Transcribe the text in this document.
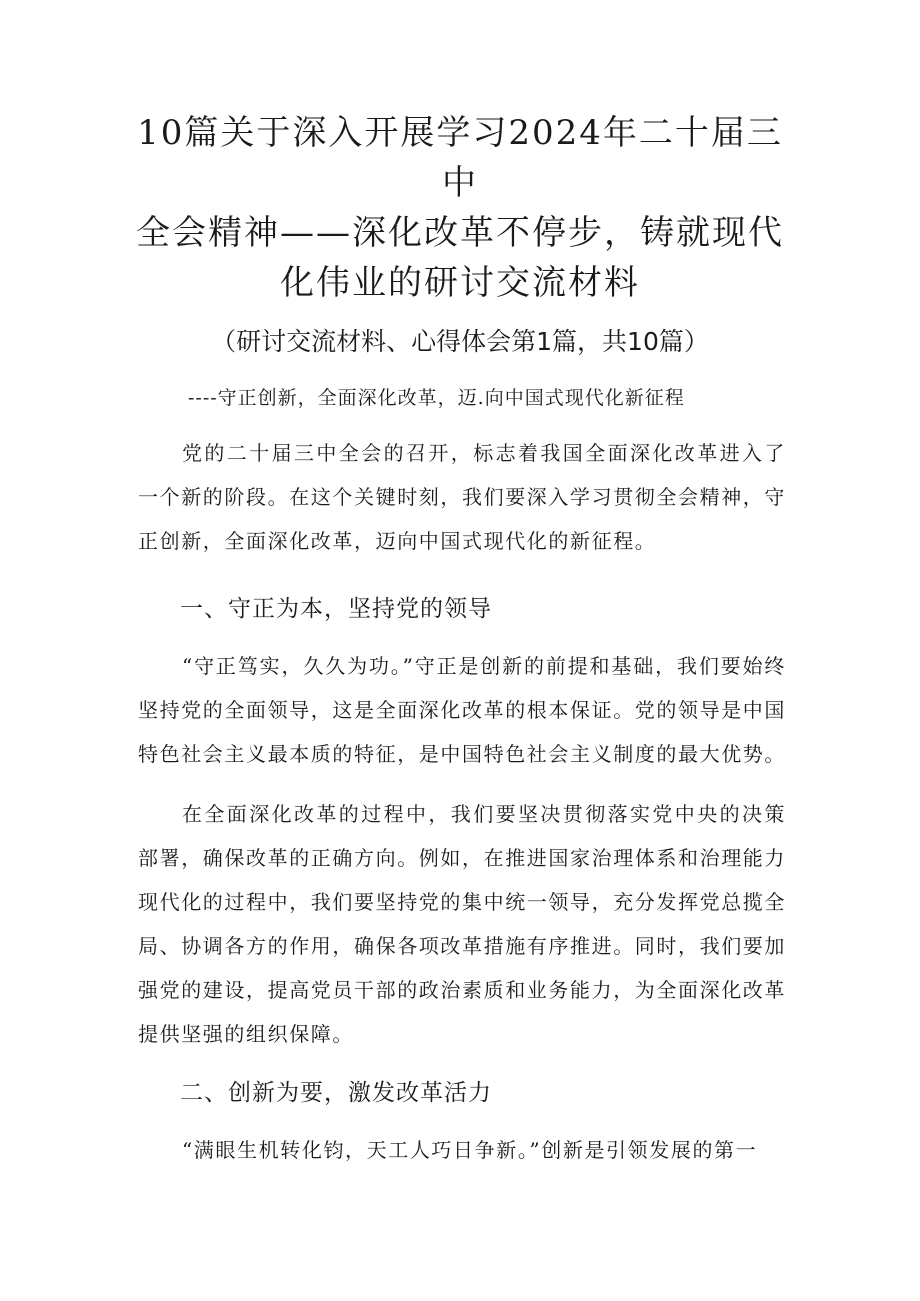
10篇关于深入开展学习2024年二十届三中
全会精神——深化改革不停步，铸就现代
化伟业的研讨交流材料
（研讨交流材料、心得体会第1篇，共10篇）
----守正创新，全面深化改革，迈.向中国式现代化新征程
党的二十届三中全会的召开，标志着我国全面深化改革进入了一个新的阶段。在这个关键时刻，我们要深入学习贯彻全会精神，守正创新，全面深化改革，迈向中国式现代化的新征程。
一、守正为本，坚持党的领导
“守正笃实，久久为功。”守正是创新的前提和基础，我们要始终坚持党的全面领导，这是全面深化改革的根本保证。党的领导是中国特色社会主义最本质的特征，是中国特色社会主义制度的最大优势。
在全面深化改革的过程中，我们要坚决贯彻落实党中央的决策部署，确保改革的正确方向。例如，在推进国家治理体系和治理能力现代化的过程中，我们要坚持党的集中统一领导，充分发挥党总揽全局、协调各方的作用，确保各项改革措施有序推进。同时，我们要加强党的建设，提高党员干部的政治素质和业务能力，为全面深化改革提供坚强的组织保障。
二、创新为要，激发改革活力
“满眼生机转化钧，天工人巧日争新。”创新是引领发展的第一
